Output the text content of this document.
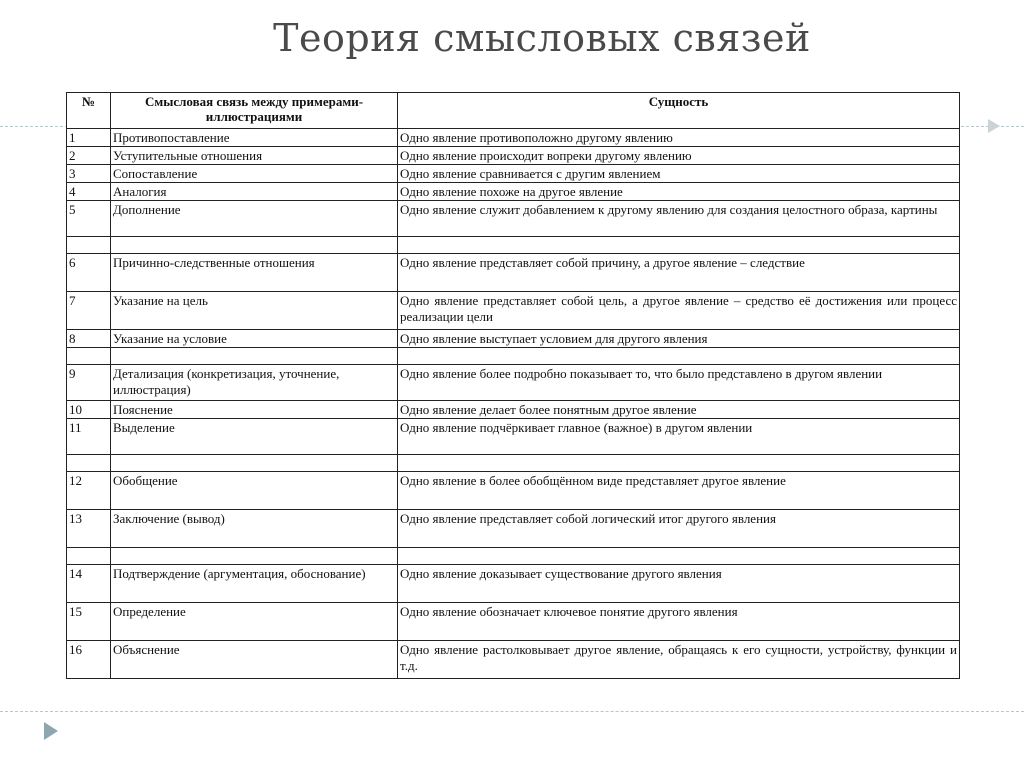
Теория смысловых связей
№	Смысловая связь между примерами-иллюстрациями	Сущность
1	Противопоставление	Одно явление противоположно другому явлению
2	Уступительные отношения	Одно явление происходит вопреки другому явлению
3	Сопоставление	Одно явление сравнивается с другим явлением
4	Аналогия	Одно явление похоже на другое явление
5	Дополнение	Одно явление служит добавлением к другому явлению для создания целостного образа, картины

6	Причинно-следственные отношения	Одно явление представляет собой причину, а другое явление – следствие
7	Указание на цель	Одно явление представляет собой цель, а другое явление – средство её достижения или процесс реализации цели
8	Указание на условие	Одно явление выступает условием для другого явления

9	Детализация (конкретизация, уточнение, иллюстрация)	Одно явление более подробно показывает то, что было представлено в другом явлении
10	Пояснение	Одно явление делает более понятным другое явление
11	Выделение	Одно явление подчёркивает главное (важное) в другом явлении

12	Обобщение	Одно явление в более обобщённом виде представляет другое явление
13	Заключение (вывод)	Одно явление представляет собой логический итог другого явления

14	Подтверждение (аргументация, обоснование)	Одно явление доказывает существование другого явления
15	Определение	Одно явление обозначает ключевое понятие другого явления
16	Объяснение	Одно явление растолковывает другое явление, обращаясь к его сущности, устройству, функции и т.д.
